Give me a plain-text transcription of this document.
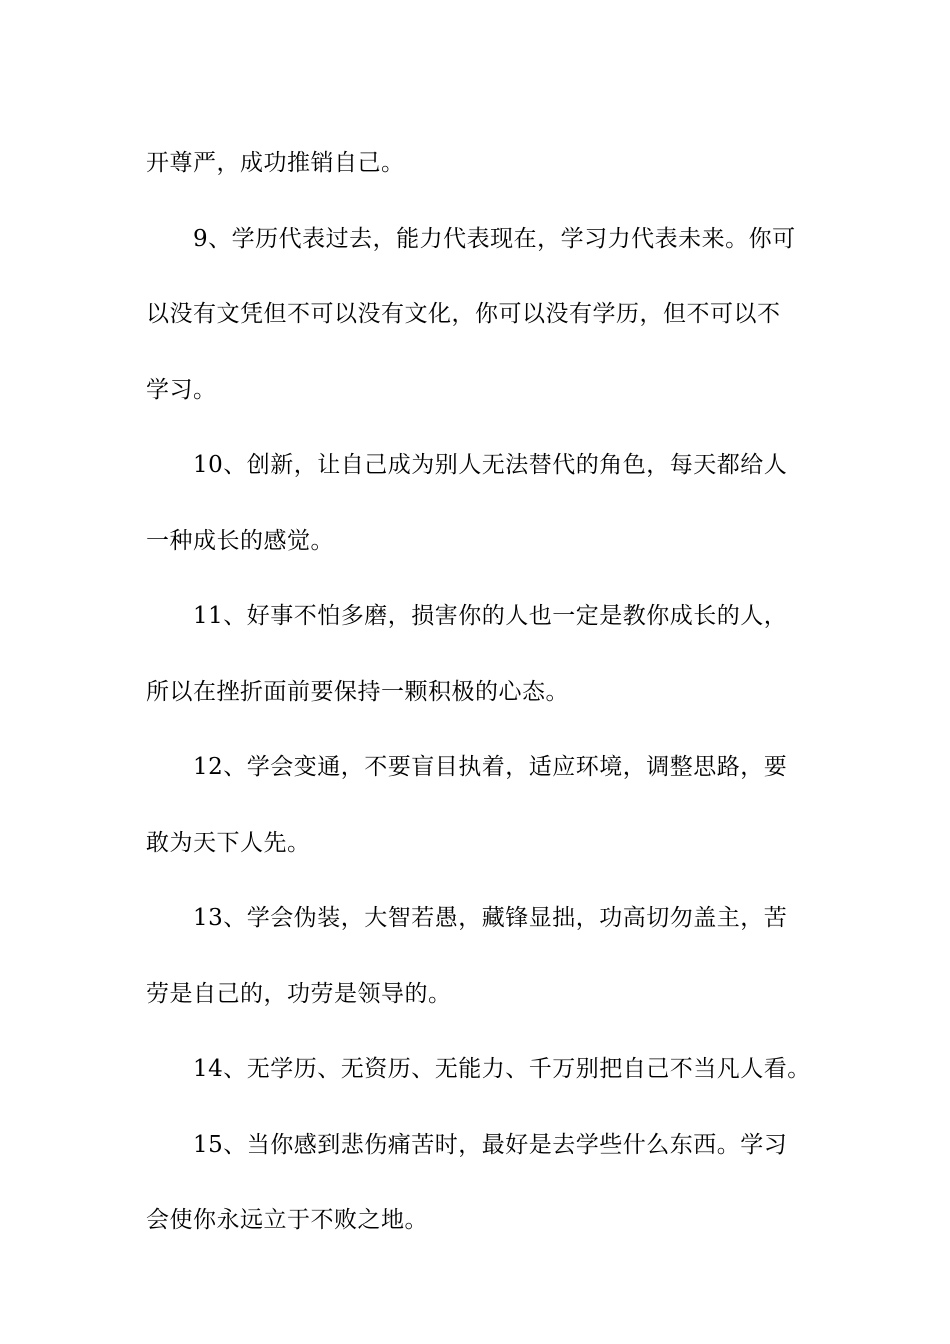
开尊严，成功推销自己。
9、学历代表过去，能力代表现在，学习力代表未来。你可
以没有文凭但不可以没有文化，你可以没有学历，但不可以不
学习。
10、创新，让自己成为别人无法替代的角色，每天都给人
一种成长的感觉。
11、好事不怕多磨，损害你的人也一定是教你成长的人，
所以在挫折面前要保持一颗积极的心态。
12、学会变通，不要盲目执着，适应环境，调整思路，要
敢为天下人先。
13、学会伪装，大智若愚，藏锋显拙，功高切勿盖主，苦
劳是自己的，功劳是领导的。
14、无学历、无资历、无能力、千万别把自己不当凡人看。
15、当你感到悲伤痛苦时，最好是去学些什么东西。学习
会使你永远立于不败之地。
